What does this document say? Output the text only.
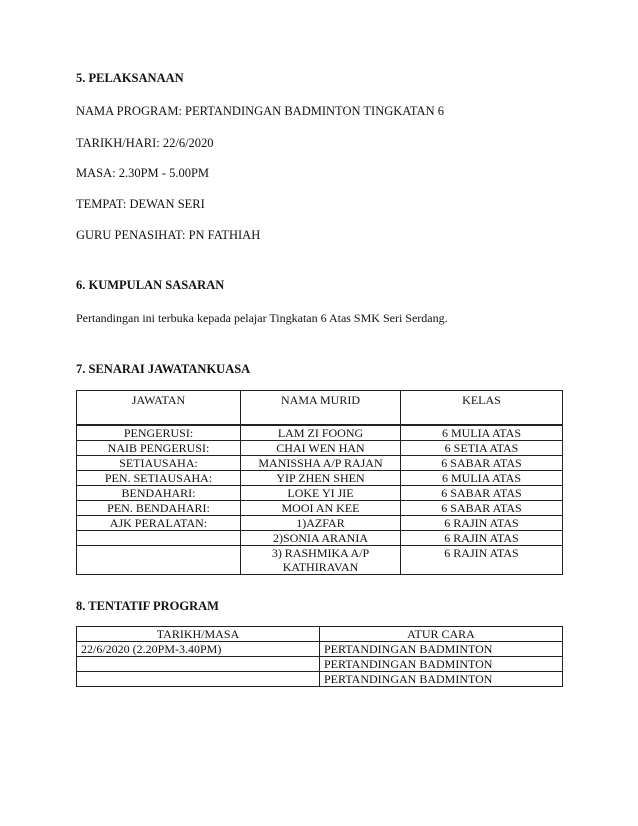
5. PELAKSANAAN
NAMA PROGRAM: PERTANDINGAN BADMINTON TINGKATAN 6
TARIKH/HARI: 22/6/2020
MASA: 2.30PM - 5.00PM
TEMPAT: DEWAN SERI
GURU PENASIHAT: PN FATHIAH
6. KUMPULAN SASARAN
Pertandingan ini terbuka kepada pelajar Tingkatan 6 Atas SMK Seri Serdang.
7. SENARAI JAWATANKUASA
JAWATAN	NAMA MURID	KELAS
PENGERUSI:	LAM ZI FOONG	6 MULIA ATAS
NAIB PENGERUSI:	CHAI WEN HAN	6 SETIA ATAS
SETIAUSAHA:	MANISSHA A/P RAJAN	6 SABAR ATAS
PEN. SETIAUSAHA:	YIP ZHEN SHEN	6 MULIA ATAS
BENDAHARI:	LOKE YI JIE	6 SABAR ATAS
PEN. BENDAHARI:	MOOI AN KEE	6 SABAR ATAS
AJK PERALATAN:	1)AZFAR	6 RAJIN ATAS
	2)SONIA ARANIA	6 RAJIN ATAS
	3) RASHMIKA A/P KATHIRAVAN	6 RAJIN ATAS
8. TENTATIF PROGRAM
TARIKH/MASA	ATUR CARA
22/6/2020 (2.20PM-3.40PM)	PERTANDINGAN BADMINTON
	PERTANDINGAN BADMINTON
	PERTANDINGAN BADMINTON
